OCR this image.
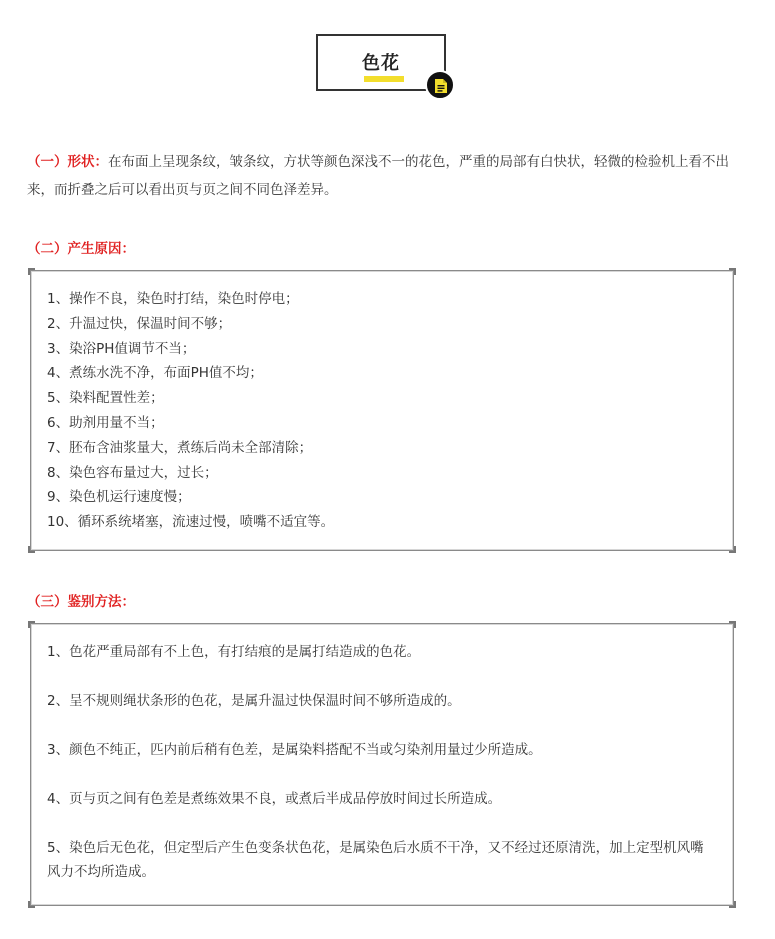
色花
（一）形状：在布面上呈现条纹，皱条纹，方状等颜色深浅不一的花色，严重的局部有白快状，轻微的检验机上看不出来，而折叠之后可以看出页与页之间不同色泽差异。
（二）产生原因：
1、操作不良，染色时打结，染色时停电；
2、升温过快，保温时间不够；
3、染浴PH值调节不当；
4、煮练水洗不净，布面PH值不均；
5、染料配置性差；
6、助剂用量不当；
7、胚布含油浆量大，煮练后尚未全部清除；
8、染色容布量过大，过长；
9、染色机运行速度慢；
10、循环系统堵塞，流速过慢，喷嘴不适宜等。
（三）鉴别方法：
1、色花严重局部有不上色，有打结痕的是属打结造成的色花。
2、呈不规则绳状条形的色花，是属升温过快保温时间不够所造成的。
3、颜色不纯正，匹内前后稍有色差，是属染料搭配不当或匀染剂用量过少所造成。
4、页与页之间有色差是煮练效果不良，或煮后半成品停放时间过长所造成。
5、染色后无色花，但定型后产生色变条状色花，是属染色后水质不干净，又不经过还原清洗，加上定型机风嘴风力不均所造成。
